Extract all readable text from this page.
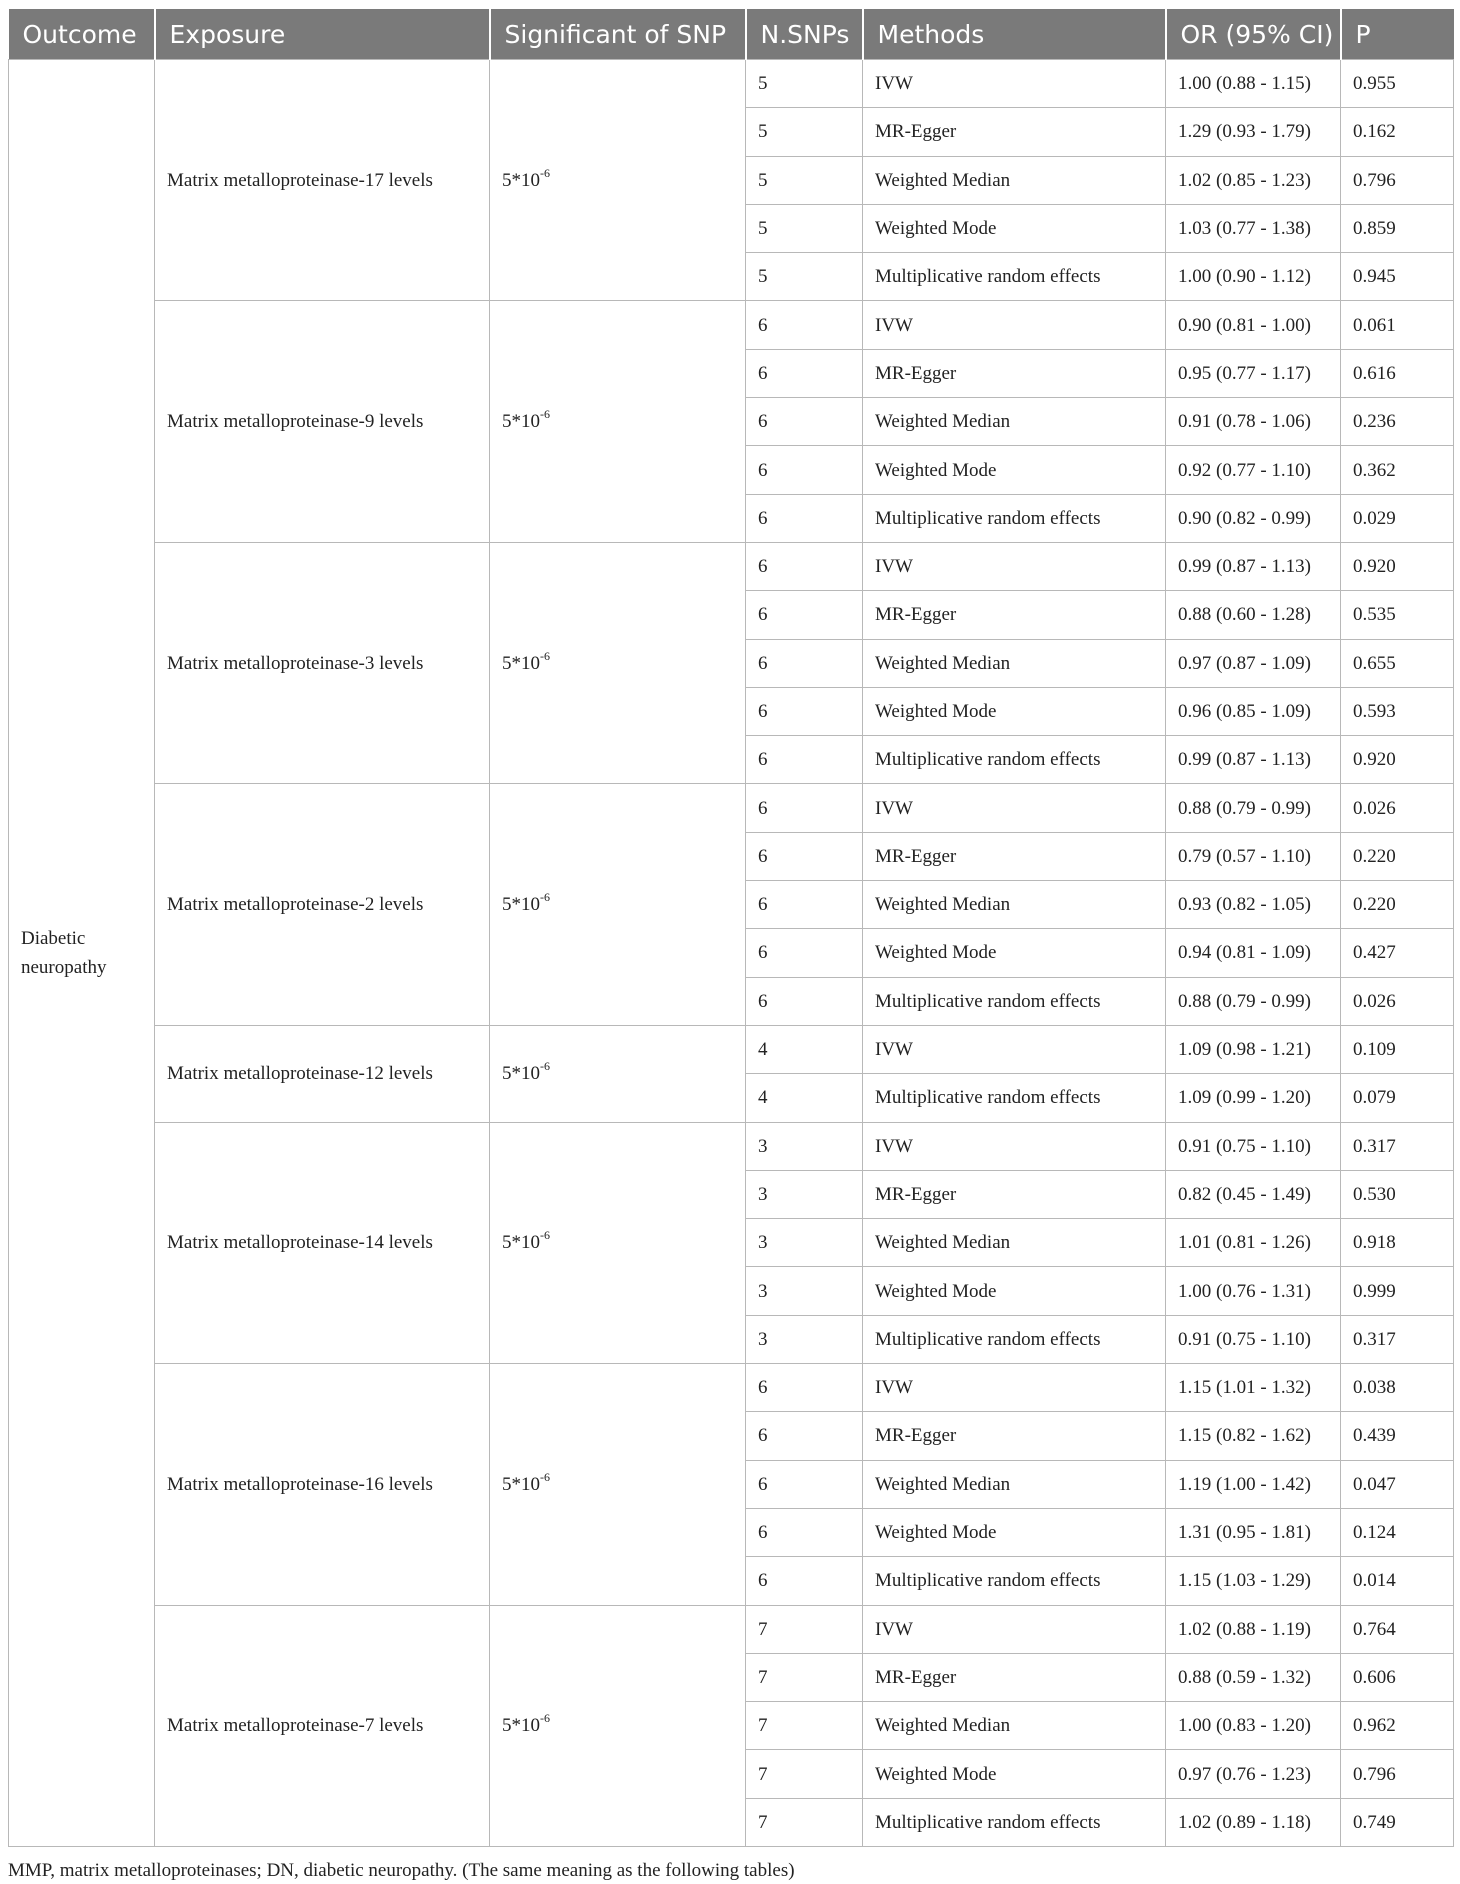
Outcome	Exposure	Significant of SNP	N.SNPs	Methods	OR (95% CI)	P
Diabetic neuropathy	Matrix metalloproteinase-17 levels	$5*10^{-6}$	5	IVW	1.00 (0.88 - 1.15)	0.955
			5	MR-Egger	1.29 (0.93 - 1.79)	0.162
			5	Weighted Median	1.02 (0.85 - 1.23)	0.796
			5	Weighted Mode	1.03 (0.77 - 1.38)	0.859
			5	Multiplicative random effects	1.00 (0.90 - 1.12)	0.945
	Matrix metalloproteinase-9 levels	$5*10^{-6}$	6	IVW	0.90 (0.81 - 1.00)	0.061
			6	MR-Egger	0.95 (0.77 - 1.17)	0.616
			6	Weighted Median	0.91 (0.78 - 1.06)	0.236
			6	Weighted Mode	0.92 (0.77 - 1.10)	0.362
			6	Multiplicative random effects	0.90 (0.82 - 0.99)	0.029
	Matrix metalloproteinase-3 levels	$5*10^{-6}$	6	IVW	0.99 (0.87 - 1.13)	0.920
			6	MR-Egger	0.88 (0.60 - 1.28)	0.535
			6	Weighted Median	0.97 (0.87 - 1.09)	0.655
			6	Weighted Mode	0.96 (0.85 - 1.09)	0.593
			6	Multiplicative random effects	0.99 (0.87 - 1.13)	0.920
	Matrix metalloproteinase-2 levels	$5*10^{-6}$	6	IVW	0.88 (0.79 - 0.99)	0.026
			6	MR-Egger	0.79 (0.57 - 1.10)	0.220
			6	Weighted Median	0.93 (0.82 - 1.05)	0.220
			6	Weighted Mode	0.94 (0.81 - 1.09)	0.427
			6	Multiplicative random effects	0.88 (0.79 - 0.99)	0.026
	Matrix metalloproteinase-12 levels	$5*10^{-6}$	4	IVW	1.09 (0.98 - 1.21)	0.109
			4	Multiplicative random effects	1.09 (0.99 - 1.20)	0.079
	Matrix metalloproteinase-14 levels	$5*10^{-6}$	3	IVW	0.91 (0.75 - 1.10)	0.317
			3	MR-Egger	0.82 (0.45 - 1.49)	0.530
			3	Weighted Median	1.01 (0.81 - 1.26)	0.918
			3	Weighted Mode	1.00 (0.76 - 1.31)	0.999
			3	Multiplicative random effects	0.91 (0.75 - 1.10)	0.317
	Matrix metalloproteinase-16 levels	$5*10^{-6}$	6	IVW	1.15 (1.01 - 1.32)	0.038
			6	MR-Egger	1.15 (0.82 - 1.62)	0.439
			6	Weighted Median	1.19 (1.00 - 1.42)	0.047
			6	Weighted Mode	1.31 (0.95 - 1.81)	0.124
			6	Multiplicative random effects	1.15 (1.03 - 1.29)	0.014
	Matrix metalloproteinase-7 levels	$5*10^{-6}$	7	IVW	1.02 (0.88 - 1.19)	0.764
			7	MR-Egger	0.88 (0.59 - 1.32)	0.606
			7	Weighted Median	1.00 (0.83 - 1.20)	0.962
			7	Weighted Mode	0.97 (0.76 - 1.23)	0.796
			7	Multiplicative random effects	1.02 (0.89 - 1.18)	0.749
MMP, matrix metalloproteinases; DN, diabetic neuropathy. (The same meaning as the following tables)
